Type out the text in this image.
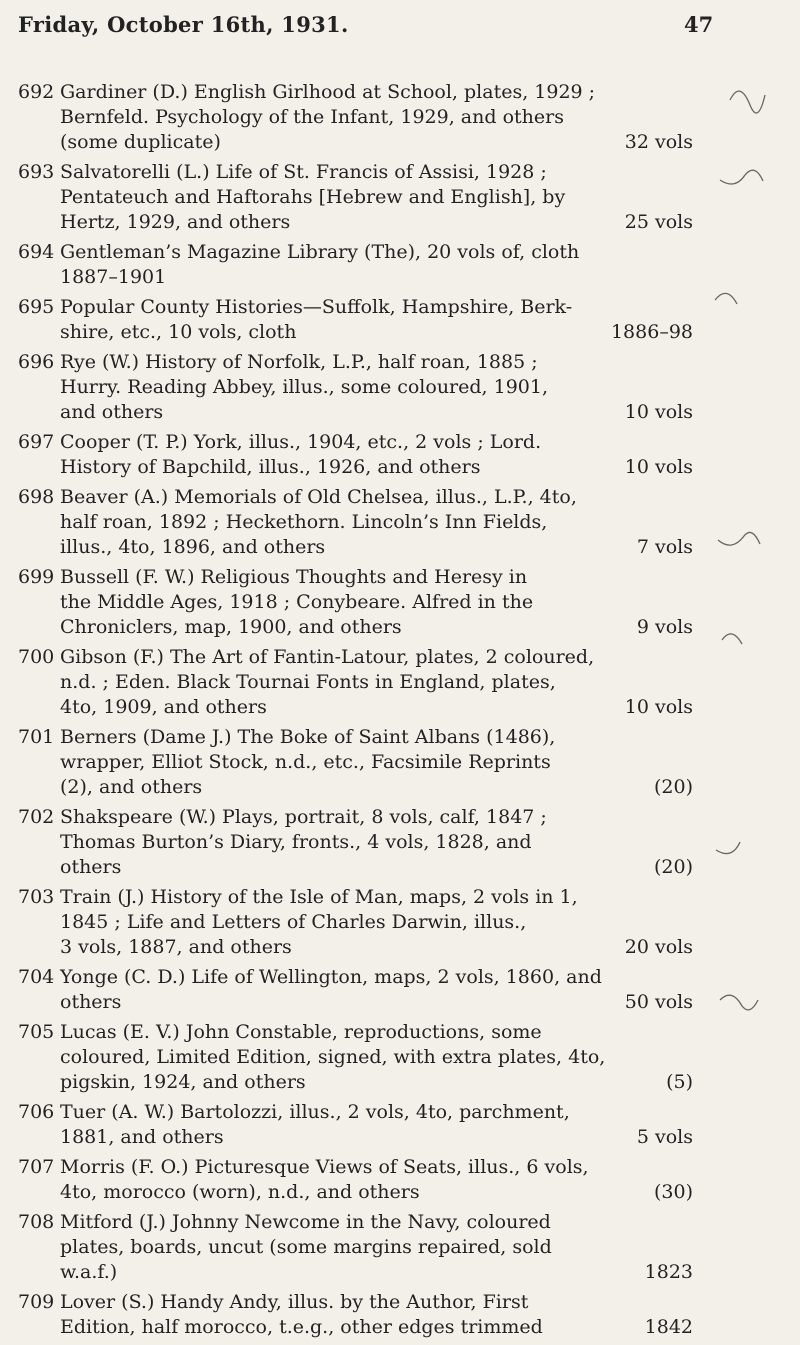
Friday, October 16th, 1931.	47
692 Gardiner (D.) English Girlhood at School, plates, 1929 ;
Bernfeld. Psychology of the Infant, 1929, and others
(some duplicate)	32 vols
693 Salvatorelli (L.) Life of St. Francis of Assisi, 1928 ;
Pentateuch and Haftorahs [Hebrew and English], by
Hertz, 1929, and others	25 vols
694 Gentleman’s Magazine Library (The), 20 vols of, cloth
1887–1901
695 Popular County Histories—Suffolk, Hampshire, Berk-
shire, etc., 10 vols, cloth	1886–98
696 Rye (W.) History of Norfolk, L.P., half roan, 1885 ;
Hurry. Reading Abbey, illus., some coloured, 1901,
and others	10 vols
697 Cooper (T. P.) York, illus., 1904, etc., 2 vols ; Lord.
History of Bapchild, illus., 1926, and others	10 vols
698 Beaver (A.) Memorials of Old Chelsea, illus., L.P., 4to,
half roan, 1892 ; Heckethorn. Lincoln’s Inn Fields,
illus., 4to, 1896, and others	7 vols
699 Bussell (F. W.) Religious Thoughts and Heresy in
the Middle Ages, 1918 ; Conybeare. Alfred in the
Chroniclers, map, 1900, and others	9 vols
700 Gibson (F.) The Art of Fantin-Latour, plates, 2 coloured,
n.d. ; Eden. Black Tournai Fonts in England, plates,
4to, 1909, and others	10 vols
701 Berners (Dame J.) The Boke of Saint Albans (1486),
wrapper, Elliot Stock, n.d., etc., Facsimile Reprints
(2), and others	(20)
702 Shakspeare (W.) Plays, portrait, 8 vols, calf, 1847 ;
Thomas Burton’s Diary, fronts., 4 vols, 1828, and
others	(20)
703 Train (J.) History of the Isle of Man, maps, 2 vols in 1,
1845 ; Life and Letters of Charles Darwin, illus.,
3 vols, 1887, and others	20 vols
704 Yonge (C. D.) Life of Wellington, maps, 2 vols, 1860, and
others	50 vols
705 Lucas (E. V.) John Constable, reproductions, some
coloured, Limited Edition, signed, with extra plates, 4to,
pigskin, 1924, and others	(5)
706 Tuer (A. W.) Bartolozzi, illus., 2 vols, 4to, parchment,
1881, and others	5 vols
707 Morris (F. O.) Picturesque Views of Seats, illus., 6 vols,
4to, morocco (worn), n.d., and others	(30)
708 Mitford (J.) Johnny Newcome in the Navy, coloured
plates, boards, uncut (some margins repaired, sold
w.a.f.)	1823
709 Lover (S.) Handy Andy, illus. by the Author, First
Edition, half morocco, t.e.g., other edges trimmed	1842
